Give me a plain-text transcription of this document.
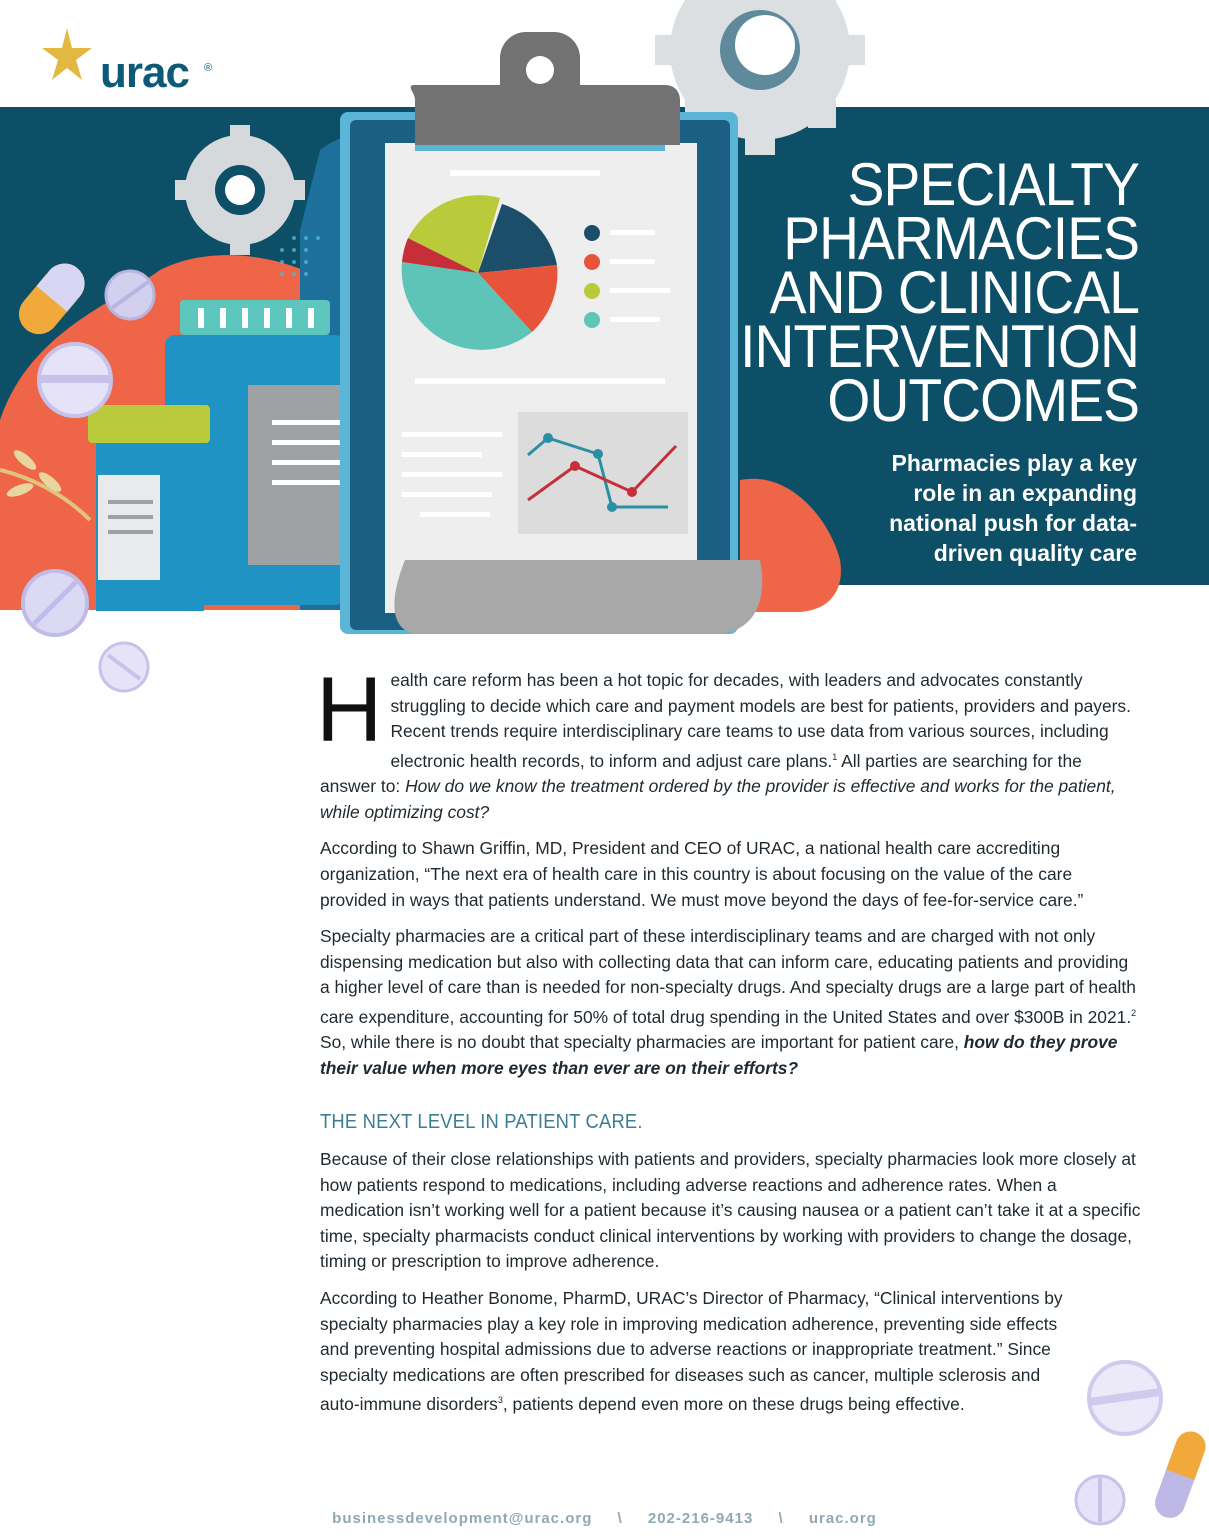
urac ®
SPECIALTY
PHARMACIES
AND CLINICAL
INTERVENTION
OUTCOMES
Pharmacies play a key
role in an expanding
national push for data-
driven quality care

Health care reform has been a hot topic for decades, with leaders and advocates constantly struggling to decide which care and payment models are best for patients, providers and payers. Recent trends require interdisciplinary care teams to use data from various sources, including electronic health records, to inform and adjust care plans.$^1$ All parties are searching for the answer to: How do we know the treatment ordered by the provider is effective and works for the patient, while optimizing cost?

According to Shawn Griffin, MD, President and CEO of URAC, a national health care accrediting organization, “The next era of health care in this country is about focusing on the value of the care provided in ways that patients understand. We must move beyond the days of fee-for-service care.”

Specialty pharmacies are a critical part of these interdisciplinary teams and are charged with not only dispensing medication but also with collecting data that can inform care, educating patients and providing a higher level of care than is needed for non-specialty drugs. And specialty drugs are a large part of health care expenditure, accounting for 50% of total drug spending in the United States and over $300B in 2021.$^2$ So, while there is no doubt that specialty pharmacies are important for patient care, how do they prove their value when more eyes than ever are on their efforts?

THE NEXT LEVEL IN PATIENT CARE.

Because of their close relationships with patients and providers, specialty pharmacies look more closely at how patients respond to medications, including adverse reactions and adherence rates. When a medication isn’t working well for a patient because it’s causing nausea or a patient can’t take it at a specific time, specialty pharmacists conduct clinical interventions by working with providers to change the dosage, timing or prescription to improve adherence.

According to Heather Bonome, PharmD, URAC’s Director of Pharmacy, “Clinical interventions by specialty pharmacies play a key role in improving medication adherence, preventing side effects and preventing hospital admissions due to adverse reactions or inappropriate treatment.” Since specialty medications are often prescribed for diseases such as cancer, multiple sclerosis and auto-immune disorders$^3$, patients depend even more on these drugs being effective.

businessdevelopment@urac.org \ 202-216-9413 \ urac.org
